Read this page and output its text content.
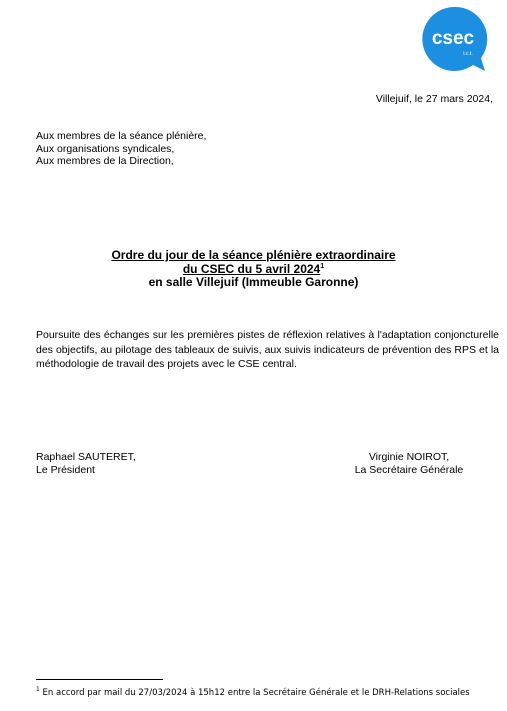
csec
t.c.t.
Villejuif, le 27 mars 2024,
Aux membres de la séance plénière,
Aux organisations syndicales,
Aux membres de la Direction,
Ordre du jour de la séance plénière extraordinaire
du CSEC du 5 avril 2024$^1$
en salle Villejuif (Immeuble Garonne)
Poursuite des échanges sur les premières pistes de réflexion relatives à l'adaptation conjoncturelle des objectifs, au pilotage des tableaux de suivis, aux suivis indicateurs de prévention des RPS et la méthodologie de travail des projets avec le CSE central.
Raphael SAUTERET,
Le Président
Virginie NOIROT,
La Secrétaire Générale
$^1$ En accord par mail du 27/03/2024 à 15h12 entre la Secrétaire Générale et le DRH-Relations sociales
